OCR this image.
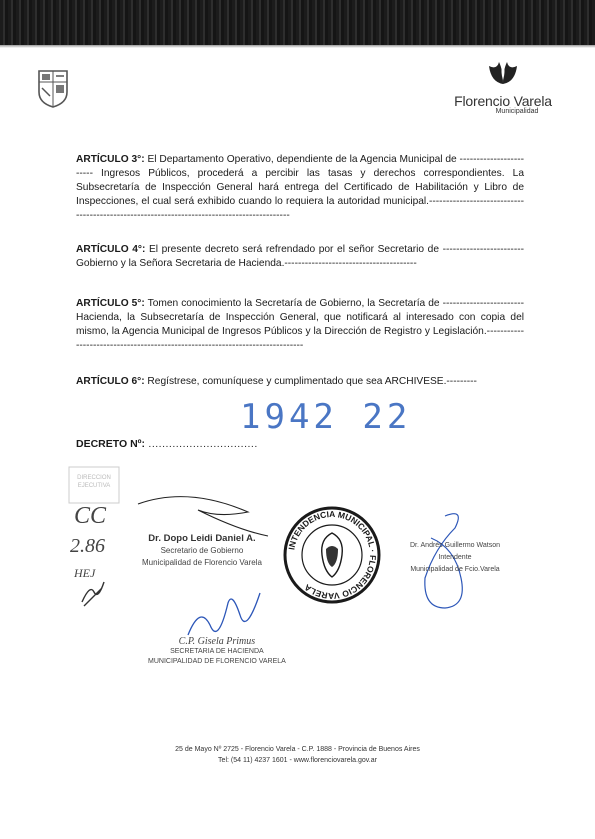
Florencio Varela
Municipalidad
ARTÍCULO 3°: El Departamento Operativo, dependiente de la Agencia Municipal de ------------------------ Ingresos Públicos, procederá a percibir las tasas y derechos correspondientes. La Subsecretaría de Inspección General hará entrega del Certificado de Habilitación y Libro de Inspecciones, el cual será exhibido cuando lo requiera la autoridad municipal.-------------------------------------------------------------------------------------------
ARTÍCULO 4°: El presente decreto será refrendado por el señor Secretario de ------------------------ Gobierno y la Señora Secretaria de Hacienda.---------------------------------------
ARTÍCULO 5°: Tomen conocimiento la Secretaría de Gobierno, la Secretaría de ------------------------ Hacienda, la Subsecretaría de Inspección General, que notificará al interesado con copia del mismo, la Agencia Municipal de Ingresos Públicos y la Dirección de Registro y Legislación.------------------------------------------------------------------------------
ARTÍCULO 6°: Regístrese, comuníquese y cumplimentado que sea ARCHIVESE.---------
1942 22
DECRETO Nº: ................................
DIRECCION
EJECUTIVA
CC
2.86
HEJ
Dr. Dopo Leidi Daniel A.
Secretario de Gobierno
Municipalidad de Florencio Varela
INTENDENCIA MUNICIPAL · FLORENCIO VARELA
Dr. Andrés Guillermo Watson
Intendente
Municipalidad de Fcio.Varela
C.P. Gisela Primus
SECRETARIA DE HACIENDA
MUNICIPALIDAD DE FLORENCIO VARELA
25 de Mayo Nº 2725 - Florencio Varela - C.P. 1888 - Provincia de Buenos Aires
Tel: (54 11) 4237 1601 - www.florenciovarela.gov.ar
